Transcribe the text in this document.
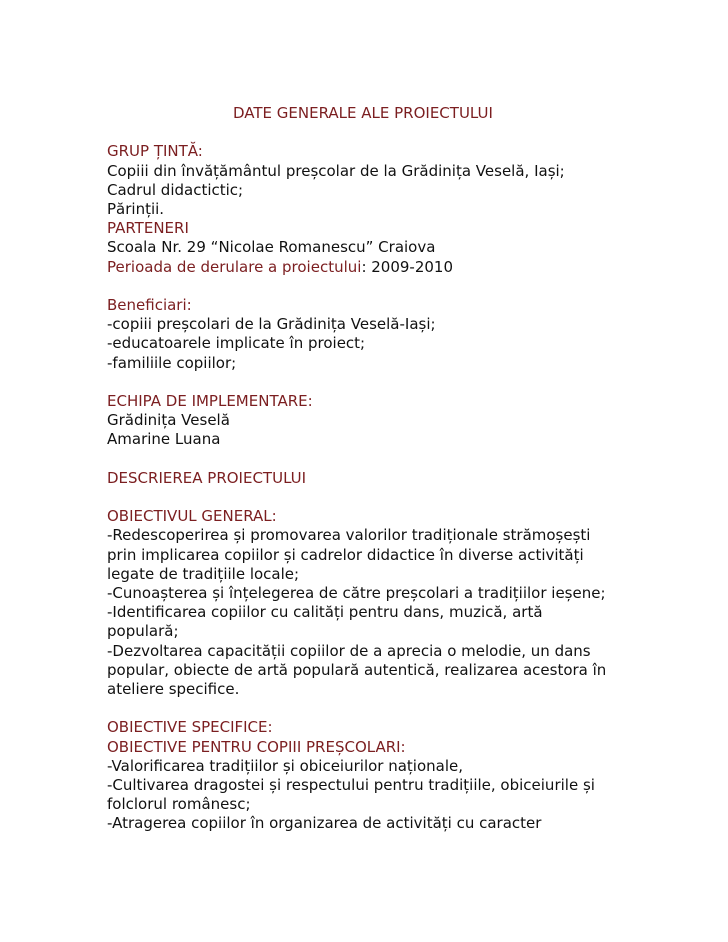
DATE GENERALE ALE PROIECTULUI
GRUP ȚINTĂ:
Copiii din învățământul preșcolar de la Grădinița Veselă, Iași;
Cadrul didactictic;
Părinții.
PARTENERI
Scoala Nr. 29 “Nicolae Romanescu” Craiova
Perioada de derulare a proiectului: 2009-2010
Beneficiari:
-copiii preșcolari de la Grădinița Veselă-Iași;
-educatoarele implicate în proiect;
-familiile copiilor;
ECHIPA DE IMPLEMENTARE:
Grădinița Veselă
Amarine Luana
DESCRIEREA PROIECTULUI
OBIECTIVUL GENERAL:
-Redescoperirea și promovarea valorilor tradiționale strămoșești
prin implicarea copiilor și cadrelor didactice în diverse activități
legate de tradițiile locale;
-Cunoașterea și înțelegerea de către preșcolari a tradițiilor ieșene;
-Identificarea copiilor cu calități pentru dans, muzică, artă
populară;
-Dezvoltarea capacității copiilor de a aprecia o melodie, un dans
popular, obiecte de artă populară autentică, realizarea acestora în
ateliere specifice.
OBIECTIVE SPECIFICE:
OBIECTIVE PENTRU COPIII PREȘCOLARI:
-Valorificarea tradițiilor și obiceiurilor naționale,
-Cultivarea dragostei și respectului pentru tradițiile, obiceiurile și
folclorul românesc;
-Atragerea copiilor în organizarea de activități cu caracter
